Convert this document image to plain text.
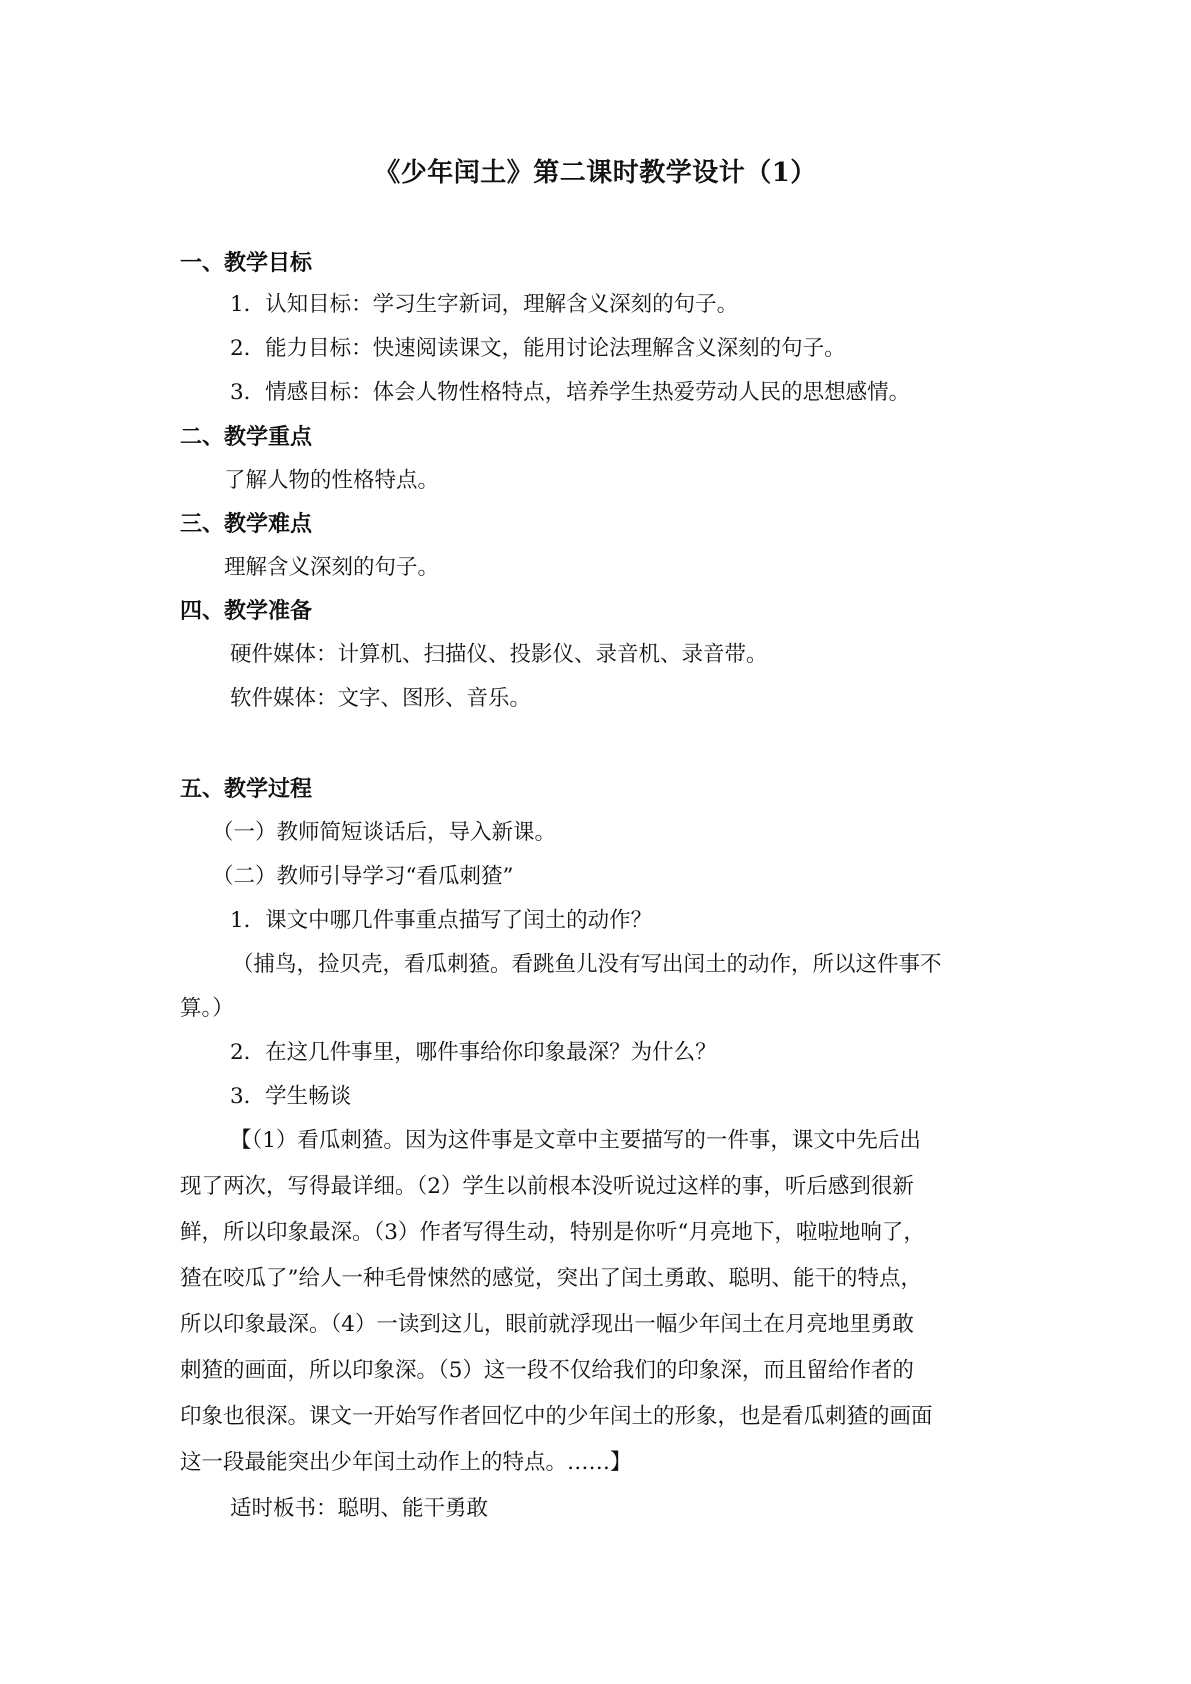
《少年闰土》第二课时教学设计（1）
一、教学目标
1．认知目标：学习生字新词，理解含义深刻的句子。
2．能力目标：快速阅读课文，能用讨论法理解含义深刻的句子。
3．情感目标：体会人物性格特点，培养学生热爱劳动人民的思想感情。
二、教学重点
了解人物的性格特点。
三、教学难点
理解含义深刻的句子。
四、教学准备
硬件媒体：计算机、扫描仪、投影仪、录音机、录音带。
软件媒体：文字、图形、音乐。
五、教学过程
（一）教师简短谈话后，导入新课。
（二）教师引导学习“看瓜刺猹”
1．课文中哪几件事重点描写了闰土的动作？
（捕鸟，捡贝壳，看瓜刺猹。看跳鱼儿没有写出闰土的动作，所以这件事不
算。）
2．在这几件事里，哪件事给你印象最深？为什么？
3．学生畅谈
【（1）看瓜刺猹。因为这件事是文章中主要描写的一件事，课文中先后出
现了两次，写得最详细。（2）学生以前根本没听说过这样的事，听后感到很新
鲜，所以印象最深。（3）作者写得生动，特别是你听“月亮地下，啦啦地响了，
猹在咬瓜了”给人一种毛骨悚然的感觉，突出了闰土勇敢、聪明、能干的特点，
所以印象最深。（4）一读到这儿，眼前就浮现出一幅少年闰土在月亮地里勇敢
刺猹的画面，所以印象深。（5）这一段不仅给我们的印象深，而且留给作者的
印象也很深。课文一开始写作者回忆中的少年闰土的形象，也是看瓜刺猹的画面
这一段最能突出少年闰土动作上的特点。……】
适时板书：聪明、能干勇敢
